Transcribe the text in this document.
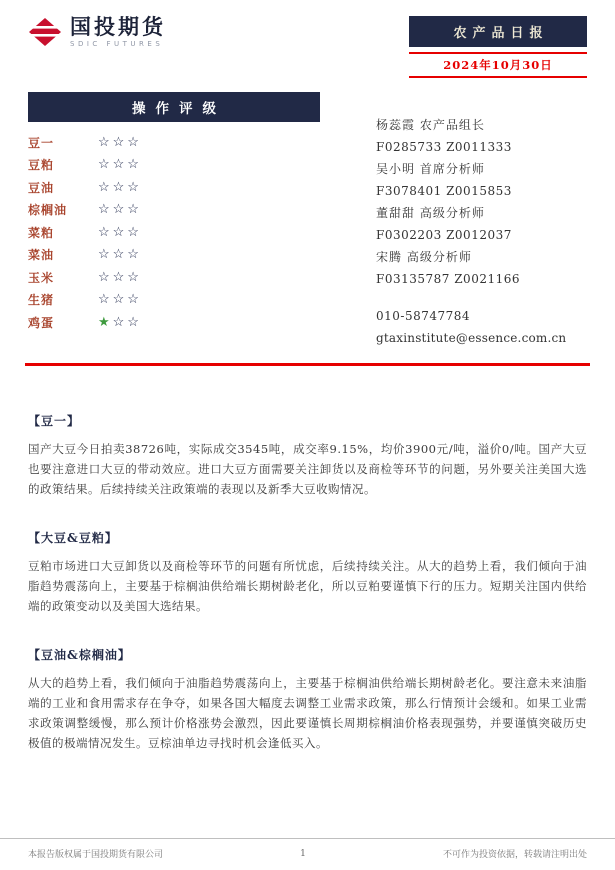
国投期货
SDIC FUTURES
农产品日报
2024年10月30日
操作评级
豆一	☆☆☆
豆粕	☆☆☆
豆油	☆☆☆
棕榈油	☆☆☆
菜粕	☆☆☆
菜油	☆☆☆
玉米	☆☆☆
生猪	☆☆☆
鸡蛋	★☆☆
杨蕊霞 农产品组长
F0285733 Z0011333
吴小明 首席分析师
F3078401 Z0015853
董甜甜 高级分析师
F0302203 Z0012037
宋腾 高级分析师
F03135787 Z0021166
010-58747784
gtaxinstitute@essence.com.cn
【豆一】

国产大豆今日拍卖38726吨，实际成交3545吨，成交率9.15%，均价3900元/吨，溢价0/吨。国产大豆也要注意进口大豆的带动效应。进口大豆方面需要关注卸货以及商检等环节的问题，另外要关注美国大选的政策结果。后续持续关注政策端的表现以及新季大豆收购情况。

【大豆&豆粕】

豆粕市场进口大豆卸货以及商检等环节的问题有所忧虑，后续持续关注。从大的趋势上看，我们倾向于油脂趋势震荡向上，主要基于棕榈油供给端长期树龄老化，所以豆粕要谨慎下行的压力。短期关注国内供给端的政策变动以及美国大选结果。

【豆油&棕榈油】

从大的趋势上看，我们倾向于油脂趋势震荡向上，主要基于棕榈油供给端长期树龄老化。要注意未来油脂端的工业和食用需求存在争夺，如果各国大幅度去调整工业需求政策，那么行情预计会缓和。如果工业需求政策调整缓慢，那么预计价格涨势会激烈，因此要谨慎长周期棕榈油价格表现强势，并要谨慎突破历史极值的极端情况发生。豆棕油单边寻找时机会逢低买入。

本报告版权属于国投期货有限公司	1	不可作为投资依据，转载请注明出处
